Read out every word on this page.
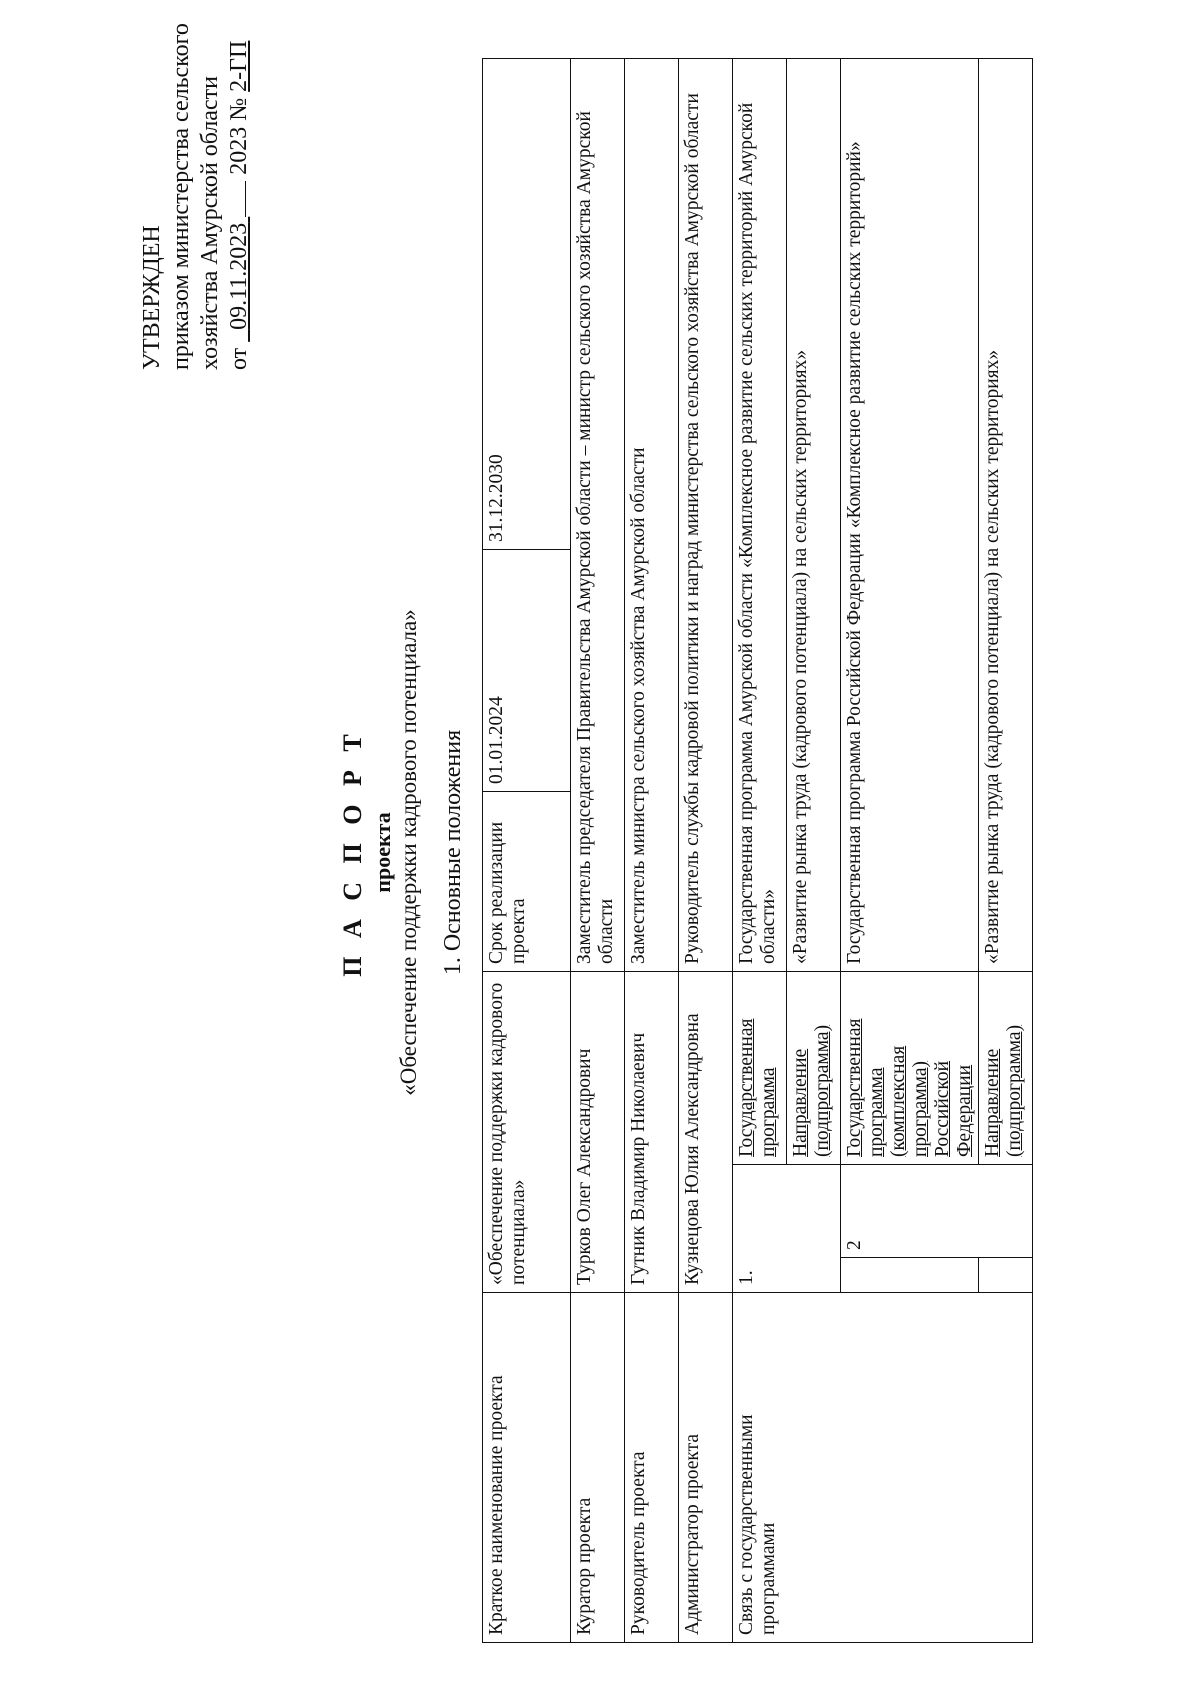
УТВЕРЖДЕН приказом министерства сельского хозяйства Амурской области от   09.11.2023  2023 № 2-ГП
П А С П О Р Т проекта «Обеспечение поддержки кадрового потенциала» 1. Основные положения
Краткое наименование проекта	«Обеспечение поддержки кадрового потенциала»			Срок реализации проекта	01.01.2024	31.12.2030
Куратор проекта	Турков Олег Александрович			Заместитель председателя Правительства Амурской области – министр сельского хозяйства Амурской области		
Руководитель проекта	Гутник Владимир Николаевич			Заместитель министра сельского хозяйства Амурской области		
Администратор проекта	Кузнецова Юлия Александровна			Руководитель службы кадровой политики и наград министерства сельского хозяйства Амурской области		
Связь с государственными программами	1.		Государственная программа	Государственная программа Амурской области «Комплексное развитие сельских территорий Амурской области»		
			Направление (подпрограмма)	«Развитие рынка труда (кадрового потенциала) на сельских территориях»		
		2	Государственная программа (комплексная программа) Российской Федерации	Государственная программа Российской Федерации «Комплексное развитие сельских территорий»		
			Направление (подпрограмма)	«Развитие рынка труда (кадрового потенциала) на сельских территориях»		
